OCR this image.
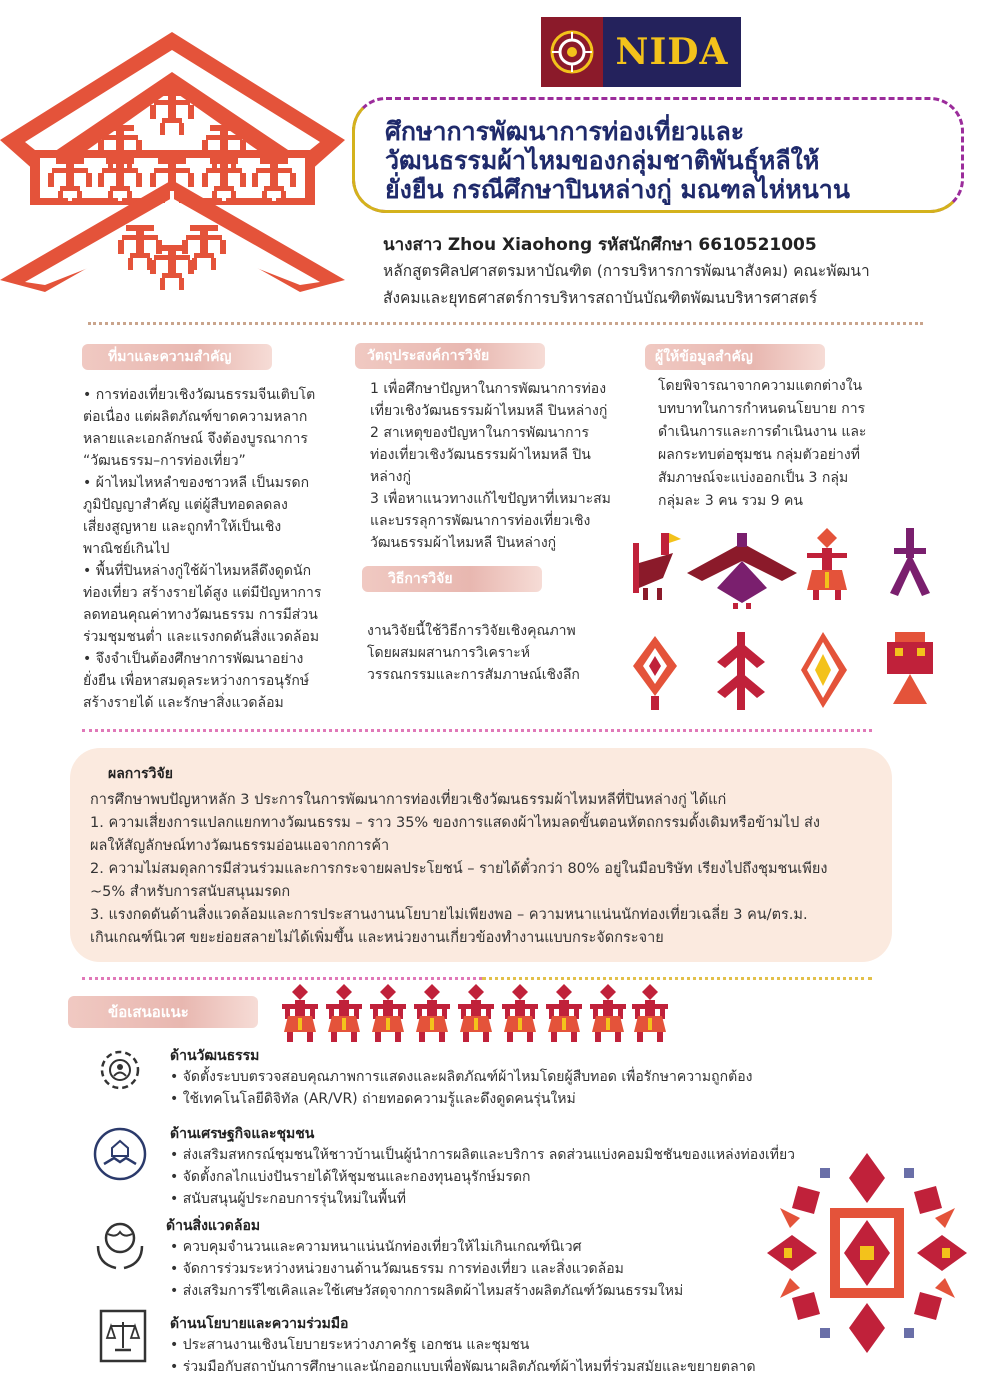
NIDA
ศึกษาการพัฒนาการท่องเที่ยวและ
วัฒนธรรมผ้าไหมของกลุ่มชาติพันธุ์หลีให้
ยั่งยืน กรณีศึกษาปินหล่างกู่ มณฑลไห่หนาน
นางสาว Zhou Xiaohong รหัสนักศึกษา 6610521005
หลักสูตรศิลปศาสตรมหาบัณฑิต (การบริหารการพัฒนาสังคม) คณะพัฒนา
สังคมและยุทธศาสตร์การบริหารสถาบันบัณฑิตพัฒนบริหารศาสตร์
ที่มาและความสำคัญ

• การท่องเที่ยวเชิงวัฒนธรรมจีนเติบโต

ต่อเนื่อง แต่ผลิตภัณฑ์ขาดความหลาก

หลายและเอกลักษณ์ จึงต้องบูรณาการ

“วัฒนธรรม–การท่องเที่ยว”

• ผ้าไหมไหหลำของชาวหลี เป็นมรดก

ภูมิปัญญาสำคัญ แต่ผู้สืบทอดลดลง

เสี่ยงสูญหาย และถูกทำให้เป็นเชิง

พาณิชย์เกินไป

• พื้นที่ปินหล่างกู่ใช้ผ้าไหมหลีดึงดูดนัก

ท่องเที่ยว สร้างรายได้สูง แต่มีปัญหาการ

ลดทอนคุณค่าทางวัฒนธรรม การมีส่วน

ร่วมชุมชนต่ำ และแรงกดดันสิ่งแวดล้อม

• จึงจำเป็นต้องศึกษาการพัฒนาอย่าง

ยั่งยืน เพื่อหาสมดุลระหว่างการอนุรักษ์

สร้างรายได้ และรักษาสิ่งแวดล้อม

วัตถุประสงค์การวิจัย

1 เพื่อศึกษาปัญหาในการพัฒนาการท่อง

เที่ยวเชิงวัฒนธรรมผ้าไหมหลี ปินหล่างกู่

2 สาเหตุของปัญหาในการพัฒนาการ

ท่องเที่ยวเชิงวัฒนธรรมผ้าไหมหลี ปิน

หล่างกู่

3 เพื่อหาแนวทางแก้ไขปัญหาที่เหมาะสม

และบรรลุการพัฒนาการท่องเที่ยวเชิง

วัฒนธรรมผ้าไหมหลี ปินหล่างกู่

วิธีการวิจัย

งานวิจัยนี้ใช้วิธีการวิจัยเชิงคุณภาพ

โดยผสมผสานการวิเคราะห์

วรรณกรรมและการสัมภาษณ์เชิงลึก

ผู้ให้ข้อมูลสำคัญ

โดยพิจารณาจากความแตกต่างใน

บทบาทในการกำหนดนโยบาย การ

ดำเนินการและการดำเนินงาน และ

ผลกระทบต่อชุมชน กลุ่มตัวอย่างที่

สัมภาษณ์จะแบ่งออกเป็น 3 กลุ่ม

กลุ่มละ 3 คน รวม 9 คน

ผลการวิจัย
การศึกษาพบปัญหาหลัก 3 ประการในการพัฒนาการท่องเที่ยวเชิงวัฒนธรรมผ้าไหมหลีที่ปินหล่างกู่ ได้แก่
1. ความเสี่ยงการแปลกแยกทางวัฒนธรรม – ราว 35% ของการแสดงผ้าไหมลดขั้นตอนหัตถกรรมดั้งเดิมหรือข้ามไป ส่ง
ผลให้สัญลักษณ์ทางวัฒนธรรมอ่อนแอจากการค้า
2. ความไม่สมดุลการมีส่วนร่วมและการกระจายผลประโยชน์ – รายได้ตั๋วกว่า 80% อยู่ในมือบริษัท เรียงไปถึงชุมชนเพียง
~5% สำหรับการสนับสนุนมรดก
3. แรงกดดันด้านสิ่งแวดล้อมและการประสานงานนโยบายไม่เพียงพอ – ความหนาแน่นนักท่องเที่ยวเฉลี่ย 3 คน/ตร.ม.
เกินเกณฑ์นิเวศ ขยะย่อยสลายไม่ได้เพิ่มขึ้น และหน่วยงานเกี่ยวข้องทำงานแบบกระจัดกระจาย
ข้อเสนอแนะ
ด้านวัฒนธรรม
• จัดตั้งระบบตรวจสอบคุณภาพการแสดงและผลิตภัณฑ์ผ้าไหมโดยผู้สืบทอด เพื่อรักษาความถูกต้อง
• ใช้เทคโนโลยีดิจิทัล (AR/VR) ถ่ายทอดความรู้และดึงดูดคนรุ่นใหม่
ด้านเศรษฐกิจและชุมชน
• ส่งเสริมสหกรณ์ชุมชนให้ชาวบ้านเป็นผู้นำการผลิตและบริการ ลดส่วนแบ่งคอมมิชชันของแหล่งท่องเที่ยว
• จัดตั้งกลไกแบ่งปันรายได้ให้ชุมชนและกองทุนอนุรักษ์มรดก
• สนับสนุนผู้ประกอบการรุ่นใหม่ในพื้นที่
ด้านสิ่งแวดล้อม
• ควบคุมจำนวนและความหนาแน่นนักท่องเที่ยวให้ไม่เกินเกณฑ์นิเวศ
• จัดการร่วมระหว่างหน่วยงานด้านวัฒนธรรม การท่องเที่ยว และสิ่งแวดล้อม
• ส่งเสริมการรีไซเคิลและใช้เศษวัสดุจากการผลิตผ้าไหมสร้างผลิตภัณฑ์วัฒนธรรมใหม่
ด้านนโยบายและความร่วมมือ
• ประสานงานเชิงนโยบายระหว่างภาครัฐ เอกชน และชุมชน
• ร่วมมือกับสถาบันการศึกษาและนักออกแบบเพื่อพัฒนาผลิตภัณฑ์ผ้าไหมที่ร่วมสมัยและขยายตลาด
